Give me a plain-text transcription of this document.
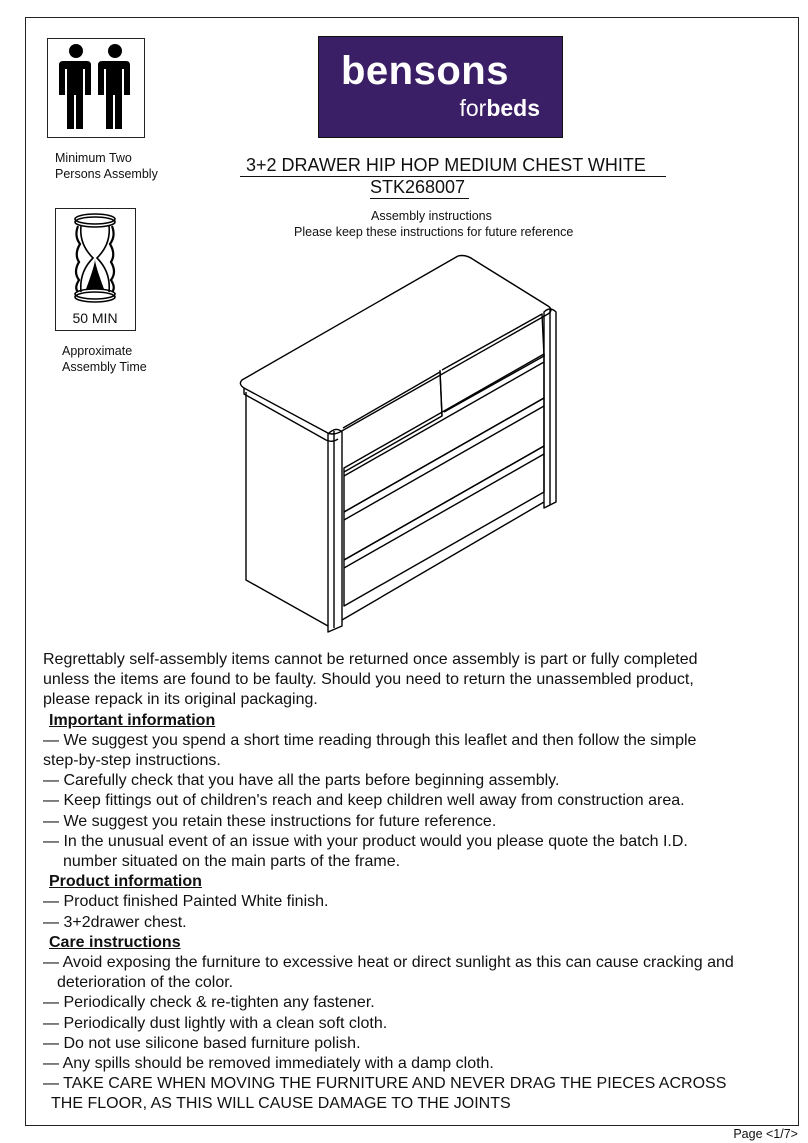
Minimum Two
Persons Assembly
50 MIN
Approximate
Assembly Time
bensons
forbeds
3+2 DRAWER HIP HOP MEDIUM CHEST WHITE
STK268007
Assembly instructions
Please keep these instructions for future reference

Regrettably self-assembly items cannot be returned once assembly is part or fully completed

unless the items are found to be faulty. Should you need to return the unassembled product,

please repack in its original packaging.

Important information

— We suggest you spend a short time reading through this leaflet and then follow the simple

step-by-step instructions.

— Carefully check that you have all the parts before beginning assembly.

— Keep fittings out of children's reach and keep children well away from construction area.

— We suggest you retain these instructions for future reference.

— In the unusual event of an issue with your product would you please quote the batch I.D.

number situated on the main parts of the frame.

Product information

— Product finished Painted White finish.

— 3+2drawer chest.

Care instructions

— Avoid exposing the furniture to excessive heat or direct sunlight as this can cause cracking and

deterioration of the color.

— Periodically check & re-tighten any fastener.

— Periodically dust lightly with a clean soft cloth.

— Do not use silicone based furniture polish.

— Any spills should be removed immediately with a damp cloth.

— TAKE CARE WHEN MOVING THE FURNITURE AND NEVER DRAG THE PIECES ACROSS

THE FLOOR, AS THIS WILL CAUSE DAMAGE TO THE JOINTS

Page <1/7>
